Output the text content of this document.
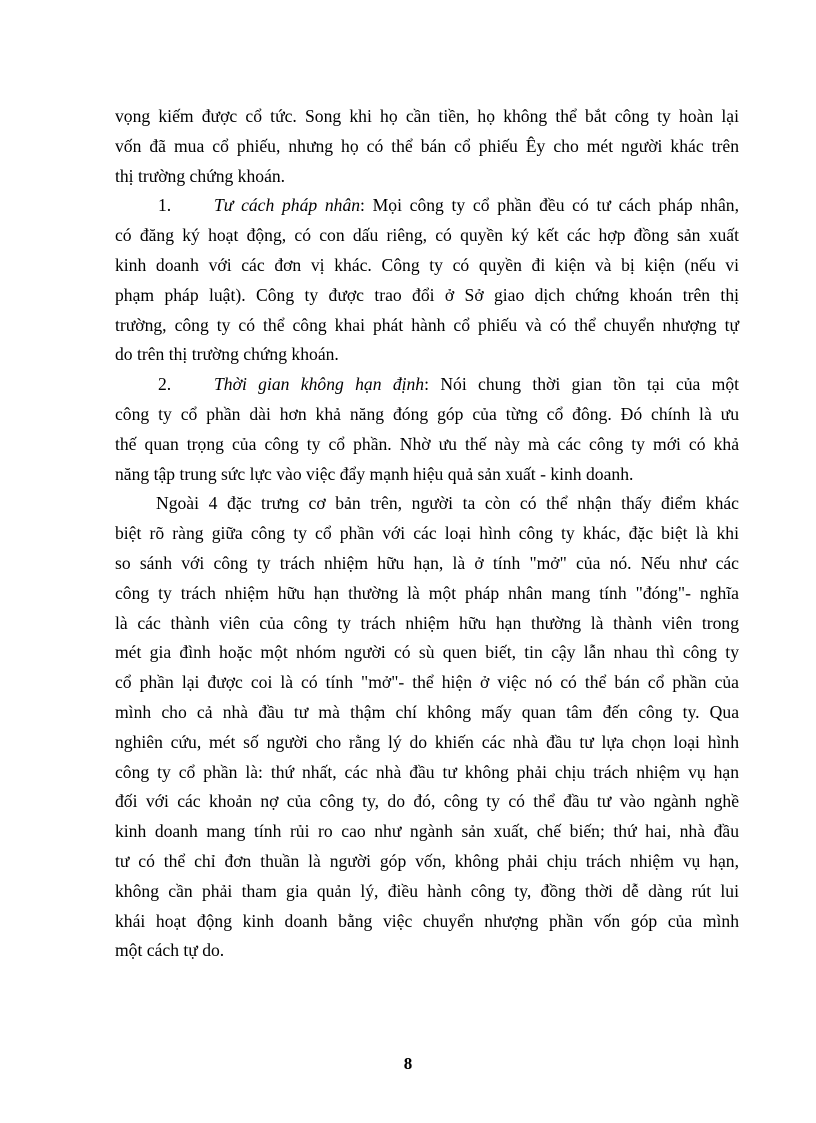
vọng kiếm được cổ tức. Song khi họ cần tiền, họ không thể bắt công ty hoàn lại
vốn đã mua cổ phiếu, nhưng họ có thể bán cổ phiếu Êy cho mét người khác trên
thị trường chứng khoán.
1. Tư cách pháp nhân: Mọi công ty cổ phần đều có tư cách pháp nhân,
có đăng ký hoạt động, có con dấu riêng, có quyền ký kết các hợp đồng sản xuất
kinh doanh với các đơn vị khác. Công ty có quyền đi kiện và bị kiện (nếu vi
phạm pháp luật). Công ty được trao đổi ở Sở giao dịch chứng khoán trên thị
trường, công ty có thể công khai phát hành cổ phiếu và có thể chuyển nhượng tự
do trên thị trường chứng khoán.
2. Thời gian không hạn định: Nói chung thời gian tồn tại của một
công ty cổ phần dài hơn khả năng đóng góp của từng cổ đông. Đó chính là ưu
thế quan trọng của công ty cổ phần. Nhờ ưu thế này mà các công ty mới có khả
năng tập trung sức lực vào việc đẩy mạnh hiệu quả sản xuất - kinh doanh.
Ngoài 4 đặc trưng cơ bản trên, người ta còn có thể nhận thấy điểm khác
biệt rõ ràng giữa công ty cổ phần với các loại hình công ty khác, đặc biệt là khi
so sánh với công ty trách nhiệm hữu hạn, là ở tính "mở" của nó. Nếu như các
công ty trách nhiệm hữu hạn thường là một pháp nhân mang tính "đóng"- nghĩa
là các thành viên của công ty trách nhiệm hữu hạn thường là thành viên trong
mét gia đình hoặc một nhóm người có sù quen biết, tin cậy lẫn nhau thì công ty
cổ phần lại được coi là có tính "mở"- thể hiện ở việc nó có thể bán cổ phần của
mình cho cả nhà đầu tư mà thậm chí không mấy quan tâm đến công ty. Qua
nghiên cứu, mét số người cho rằng lý do khiến các nhà đầu tư lựa chọn loại hình
công ty cổ phần là: thứ nhất, các nhà đầu tư không phải chịu trách nhiệm vụ hạn
đối với các khoản nợ của công ty, do đó, công ty có thể đầu tư vào ngành nghề
kinh doanh mang tính rủi ro cao như ngành sản xuất, chế biến; thứ hai, nhà đầu
tư có thể chỉ đơn thuần là người góp vốn, không phải chịu trách nhiệm vụ hạn,
không cần phải tham gia quản lý, điều hành công ty, đồng thời dễ dàng rút lui
khái hoạt động kinh doanh bằng việc chuyển nhượng phần vốn góp của mình
một cách tự do.
8
